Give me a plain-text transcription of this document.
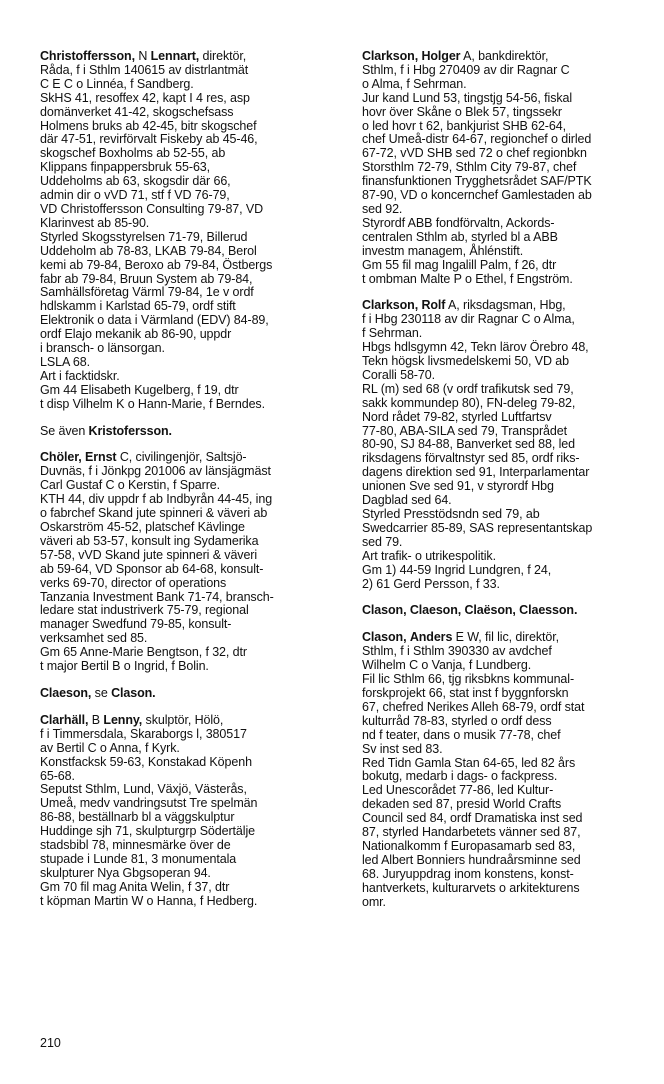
Christoffersson, N Lennart, direktör,
Råda, f i Sthlm 140615 av distrlantmät
C E C o Linnéa, f Sandberg.
SkHS 41, resoffex 42, kapt I 4 res, asp
domänverket 41-42, skogschefsass
Holmens bruks ab 42-45, bitr skogschef
där 47-51, revirförvalt Fiskeby ab 45-46,
skogschef Boxholms ab 52-55, ab
Klippans finpappersbruk 55-63,
Uddeholms ab 63, skogsdir där 66,
admin dir o vVD 71, stf f VD 76-79,
VD Christoffersson Consulting 79-87, VD
Klarinvest ab 85-90.
Styrled Skogsstyrelsen 71-79, Billerud
Uddeholm ab 78-83, LKAB 79-84, Berol
kemi ab 79-84, Beroxo ab 79-84, Östbergs
fabr ab 79-84, Bruun System ab 79-84,
Samhällsföretag Värml 79-84, 1e v ordf
hdlskamm i Karlstad 65-79, ordf stift
Elektronik o data i Värmland (EDV) 84-89,
ordf Elajo mekanik ab 86-90, uppdr
i bransch- o länsorgan.
LSLA 68.
Art i facktidskr.
Gm 44 Elisabeth Kugelberg, f 19, dtr
t disp Vilhelm K o Hann-Marie, f Berndes.
Se även Kristofersson.
Chöler, Ernst C, civilingenjör, Saltsjö-
Duvnäs, f i Jönkpg 201006 av länsjägmäst
Carl Gustaf C o Kerstin, f Sparre.
KTH 44, div uppdr f ab Indbyrån 44-45, ing
o fabrchef Skand jute spinneri & väveri ab
Oskarström 45-52, platschef Kävlinge
väveri ab 53-57, konsult ing Sydamerika
57-58, vVD Skand jute spinneri & väveri
ab 59-64, VD Sponsor ab 64-68, konsult-
verks 69-70, director of operations
Tanzania Investment Bank 71-74, bransch-
ledare stat industriverk 75-79, regional
manager Swedfund 79-85, konsult-
verksamhet sed 85.
Gm 65 Anne-Marie Bengtson, f 32, dtr
t major Bertil B o Ingrid, f Bolin.
Claeson, se Clason.
Clarhäll, B Lenny, skulptör, Hölö,
f i Timmersdala, Skaraborgs l, 380517
av Bertil C o Anna, f Kyrk.
Konstfacksk 59-63, Konstakad Köpenh
65-68.
Seputst Sthlm, Lund, Växjö, Västerås,
Umeå, medv vandringsutst Tre spelmän
86-88, beställnarb bl a väggskulptur
Huddinge sjh 71, skulpturgrp Södertälje
stadsbibl 78, minnesmärke över de
stupade i Lunde 81, 3 monumentala
skulpturer Nya Gbgsoperan 94.
Gm 70 fil mag Anita Welin, f 37, dtr
t köpman Martin W o Hanna, f Hedberg.
Clarkson, Holger A, bankdirektör,
Sthlm, f i Hbg 270409 av dir Ragnar C
o Alma, f Sehrman.
Jur kand Lund 53, tingstjg 54-56, fiskal
hovr över Skåne o Blek 57, tingssekr
o led hovr t 62, bankjurist SHB 62-64,
chef Umeå-distr 64-67, regionchef o dirled
67-72, vVD SHB sed 72 o chef regionbkn
Storsthlm 72-79, Sthlm City 79-87, chef
finansfunktionen Trygghetsrådet SAF/PTK
87-90, VD o koncernchef Gamlestaden ab
sed 92.
Styrordf ABB fondförvaltn, Ackords-
centralen Sthlm ab, styrled bl a ABB
investm managem, Åhlénstift.
Gm 55 fil mag Ingalill Palm, f 26, dtr
t ombman Malte P o Ethel, f Engström.
Clarkson, Rolf A, riksdagsman, Hbg,
f i Hbg 230118 av dir Ragnar C o Alma,
f Sehrman.
Hbgs hdlsgymn 42, Tekn lärov Örebro 48,
Tekn högsk livsmedelskemi 50, VD ab
Coralli 58-70.
RL (m) sed 68 (v ordf trafikutsk sed 79,
sakk kommundep 80), FN-deleg 79-82,
Nord rådet 79-82, styrled Luftfartsv
77-80, ABA-SILA sed 79, Transprådet
80-90, SJ 84-88, Banverket sed 88, led
riksdagens förvaltnstyr sed 85, ordf riks-
dagens direktion sed 91, Interparlamentar
unionen Sve sed 91, v styrordf Hbg
Dagblad sed 64.
Styrled Presstödsndn sed 79, ab
Swedcarrier 85-89, SAS representantskap
sed 79.
Art trafik- o utrikespolitik.
Gm 1) 44-59 Ingrid Lundgren, f 24,
2) 61 Gerd Persson, f 33.
Clason, Claeson, Claëson, Claesson.
Clason, Anders E W, fil lic, direktör,
Sthlm, f i Sthlm 390330 av avdchef
Wilhelm C o Vanja, f Lundberg.
Fil lic Sthlm 66, tjg riksbkns kommunal-
forskprojekt 66, stat inst f byggnforskn
67, chefred Nerikes Alleh 68-79, ordf stat
kulturråd 78-83, styrled o ordf dess
nd f teater, dans o musik 77-78, chef
Sv inst sed 83.
Red Tidn Gamla Stan 64-65, led 82 års
bokutg, medarb i dags- o fackpress.
Led Unescorådet 77-86, led Kultur-
dekaden sed 87, presid World Crafts
Council sed 84, ordf Dramatiska inst sed
87, styrled Handarbetets vänner sed 87,
Nationalkomm f Europasamarb sed 83,
led Albert Bonniers hundraårsminne sed
68. Juryuppdrag inom konstens, konst-
hantverkets, kulturarvets o arkitekturens
omr.
210
